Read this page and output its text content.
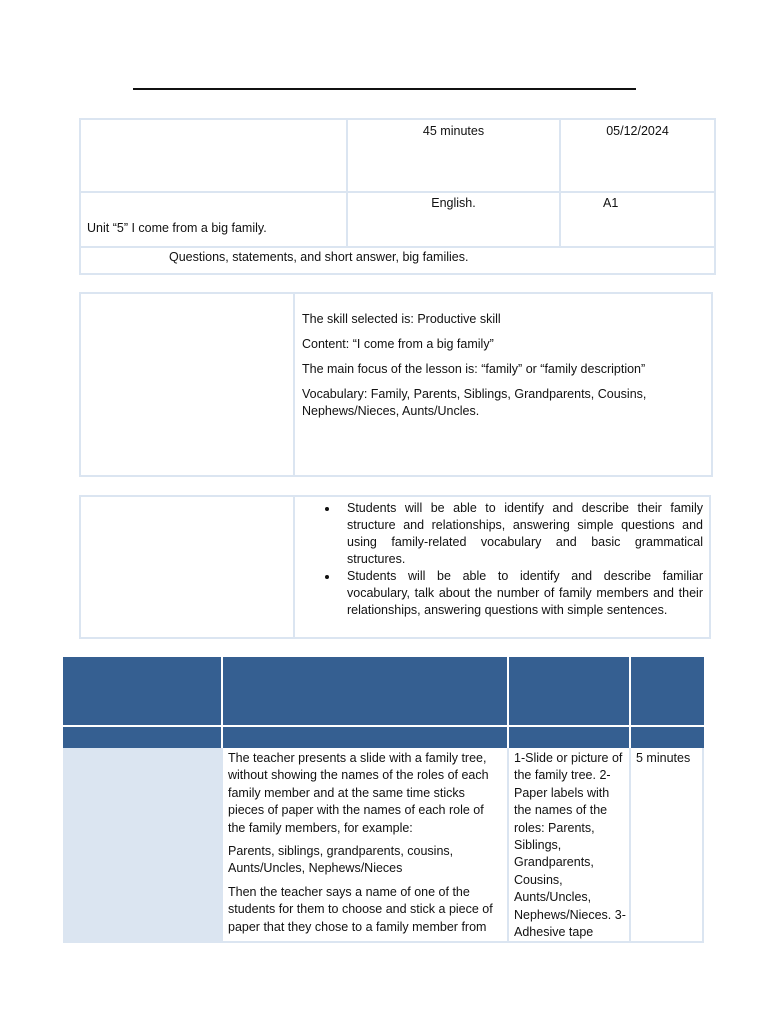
45 minutes	05/12/2024
Unit “5” I come from a big family.
English.	A1
Questions, statements, and short answer, big families.

The skill selected is: Productive skill

Content: “I come from a big family”

The main focus of the lesson is: “family” or “family description”

Vocabulary: Family, Parents, Siblings, Grandparents, Cousins, Nephews/Nieces, Aunts/Uncles.

• Students will be able to identify and describe their family structure and relationships, answering simple questions and using family-related vocabulary and basic grammatical structures.
• Students will be able to identify and describe familiar vocabulary, talk about the number of family members and their relationships, answering questions with simple sentences.

The teacher presents a slide with a family tree, without showing the names of the roles of each family member and at the same time sticks pieces of paper with the names of each role of the family members, for example:

Parents, siblings, grandparents, cousins, Aunts/Uncles, Nephews/Nieces

Then the teacher says a name of one of the students for them to choose and stick a piece of paper that they chose to a family member from

1-Slide or picture of the family tree. 2-Paper labels with the names of the roles: Parents, Siblings, Grandparents, Cousins, Aunts/Uncles, Nephews/Nieces. 3-Adhesive tape
5 minutes
